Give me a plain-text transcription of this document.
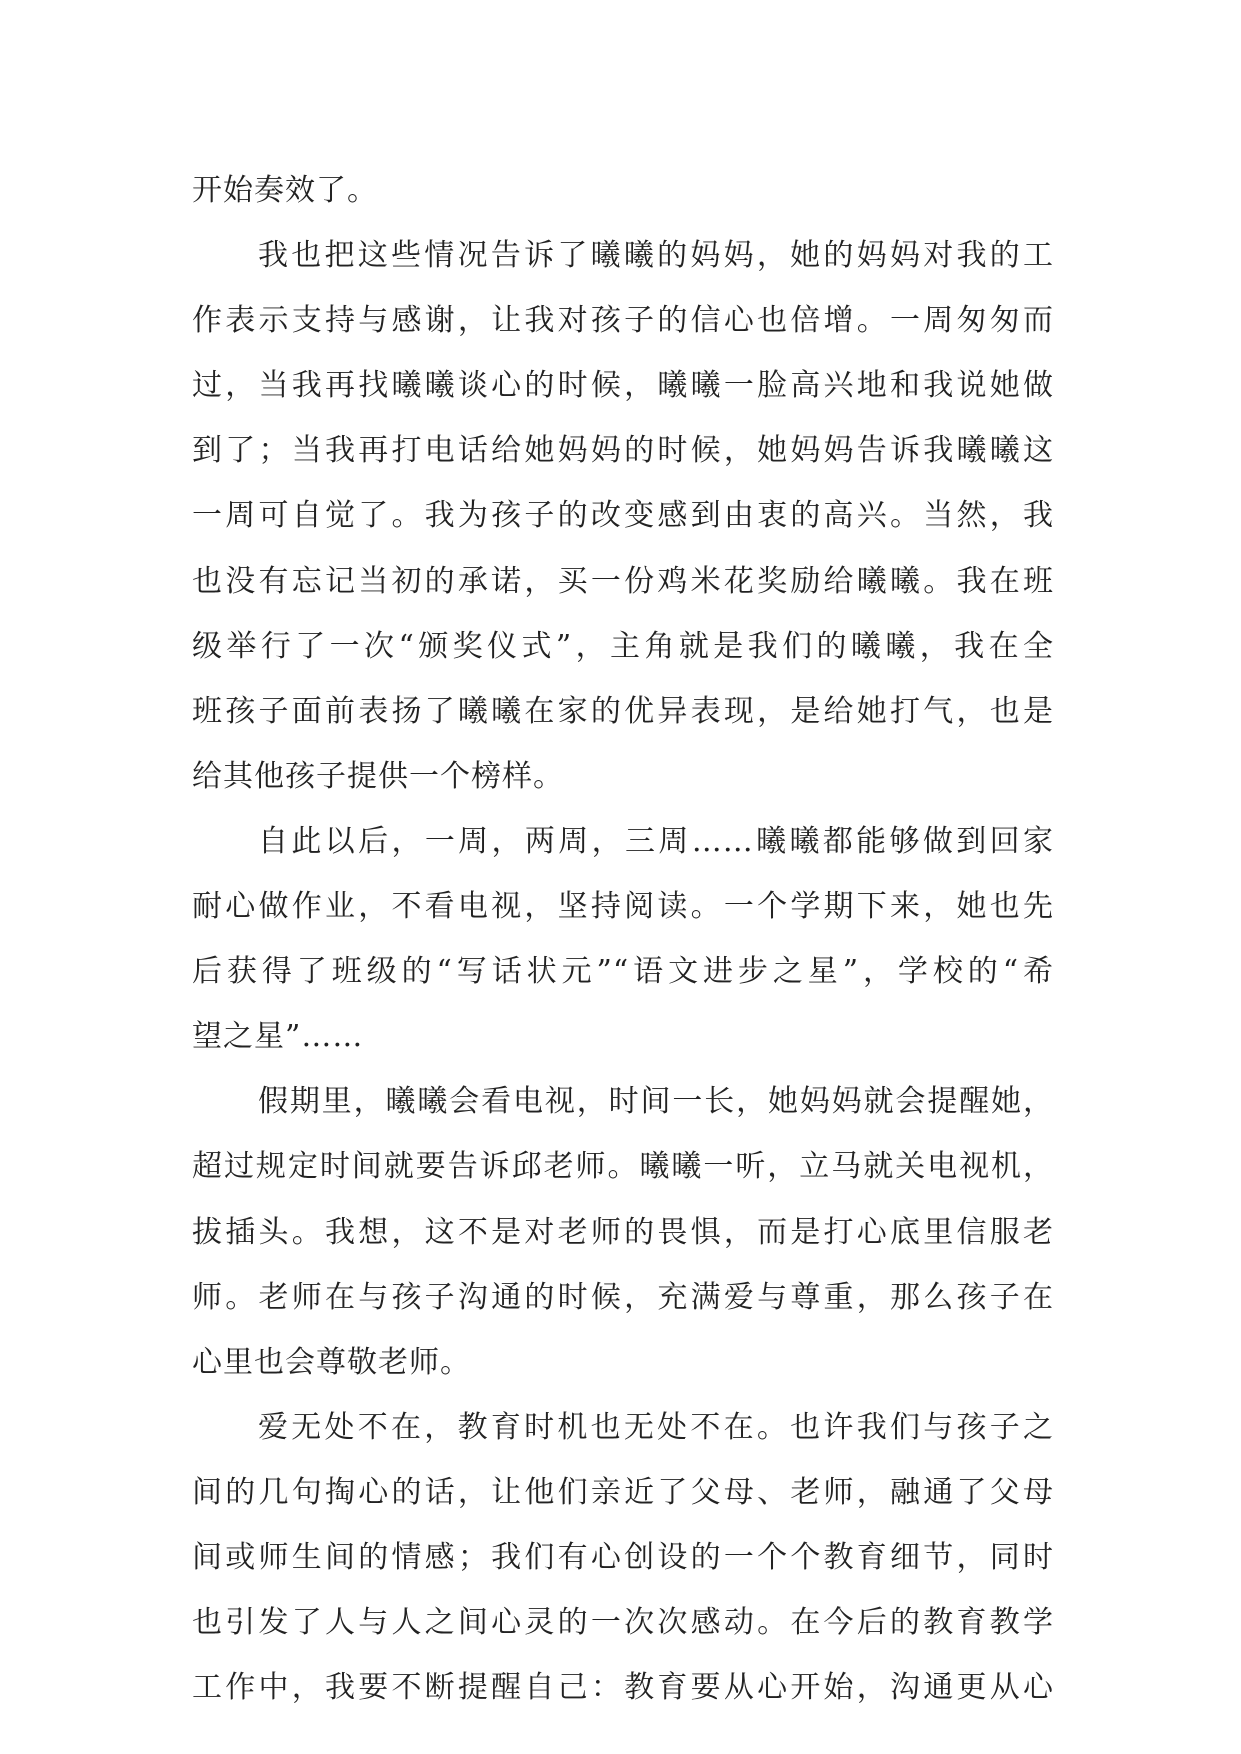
开始奏效了。
我也把这些情况告诉了曦曦的妈妈，她的妈妈对我的工
作表示支持与感谢，让我对孩子的信心也倍增。一周匆匆而
过，当我再找曦曦谈心的时候，曦曦一脸高兴地和我说她做
到了；当我再打电话给她妈妈的时候，她妈妈告诉我曦曦这
一周可自觉了。我为孩子的改变感到由衷的高兴。当然，我
也没有忘记当初的承诺，买一份鸡米花奖励给曦曦。我在班
级举行了一次“颁奖仪式”，主角就是我们的曦曦，我在全
班孩子面前表扬了曦曦在家的优异表现，是给她打气，也是
给其他孩子提供一个榜样。
自此以后，一周，两周，三周……曦曦都能够做到回家
耐心做作业，不看电视，坚持阅读。一个学期下来，她也先
后获得了班级的“写话状元”“语文进步之星”，学校的“希
望之星”……
假期里，曦曦会看电视，时间一长，她妈妈就会提醒她，
超过规定时间就要告诉邱老师。曦曦一听，立马就关电视机，
拔插头。我想，这不是对老师的畏惧，而是打心底里信服老
师。老师在与孩子沟通的时候，充满爱与尊重，那么孩子在
心里也会尊敬老师。
爱无处不在，教育时机也无处不在。也许我们与孩子之
间的几句掏心的话，让他们亲近了父母、老师，融通了父母
间或师生间的情感；我们有心创设的一个个教育细节，同时
也引发了人与人之间心灵的一次次感动。在今后的教育教学
工作中，我要不断提醒自己：教育要从心开始，沟通更从心
